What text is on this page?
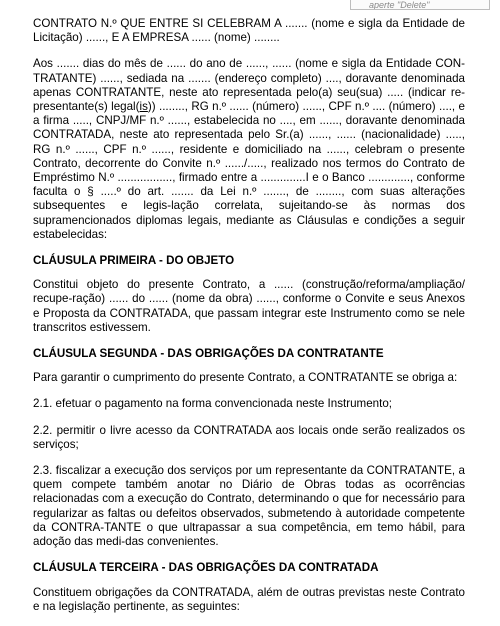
aperte "Delete"

CONTRATO N.º QUE ENTRE SI CELEBRAM A ....... (nome e sigla da Entidade de Licitação) ......, E A EMPRESA ...... (nome) ........

Aos ....... dias do mês de ...... do ano de ......, ...... (nome e sigla da Entidade CON-TRATANTE) ......, sediada na ....... (endereço completo) ...., doravante denominada apenas CONTRATANTE, neste ato representada pelo(a) seu(sua) ..... (indicar re-presentante(s) legal(is)) ........, RG n.º ...... (número) ......, CPF n.º .... (número) ...., e a firma ....., CNPJ/MF n.º ......, estabelecida no ...., em ......, doravante denominada CONTRATADA, neste ato representada pelo Sr.(a) ......, ...... (nacionalidade) ....., RG n.º ......, CPF n.º ......, residente e domiciliado na ......, celebram o presente Contrato, decorrente do Convite n.º ....../....., realizado nos termos do Contrato de Empréstimo N.º ................., firmado entre a ..............I e o Banco ............., conforme faculta o § .....º do art. ....... da Lei n.º ......., de ........, com suas alterações subsequentes e legis-lação correlata, sujeitando-se às normas dos supramencionados diplomas legais, mediante as Cláusulas e condições a seguir estabelecidas:

CLÁUSULA PRIMEIRA - DO OBJETO

Constitui objeto do presente Contrato, a ...... (construção/reforma/ampliação/ recupe-ração) ...... do ...... (nome da obra) ......, conforme o Convite e seus Anexos e Proposta da CONTRATADA, que passam integrar este Instrumento como se nele transcritos estivessem.

CLÁUSULA SEGUNDA - DAS OBRIGAÇÕES DA CONTRATANTE

Para garantir o cumprimento do presente Contrato, a CONTRATANTE se obriga a:

2.1. efetuar o pagamento na forma convencionada neste Instrumento;

2.2. permitir o livre acesso da CONTRATADA aos locais onde serão realizados os serviços;

2.3. fiscalizar a execução dos serviços por um representante da CONTRATANTE, a quem compete também anotar no Diário de Obras todas as ocorrências relacionadas com a execução do Contrato, determinando o que for necessário para regularizar as faltas ou defeitos observados, submetendo à autoridade competente da CONTRA-TANTE o que ultrapassar a sua competência, em temo hábil, para adoção das medi-das convenientes.

CLÁUSULA TERCEIRA - DAS OBRIGAÇÕES DA CONTRATADA

Constituem obrigações da CONTRATADA, além de outras previstas neste Contrato e na legislação pertinente, as seguintes:
